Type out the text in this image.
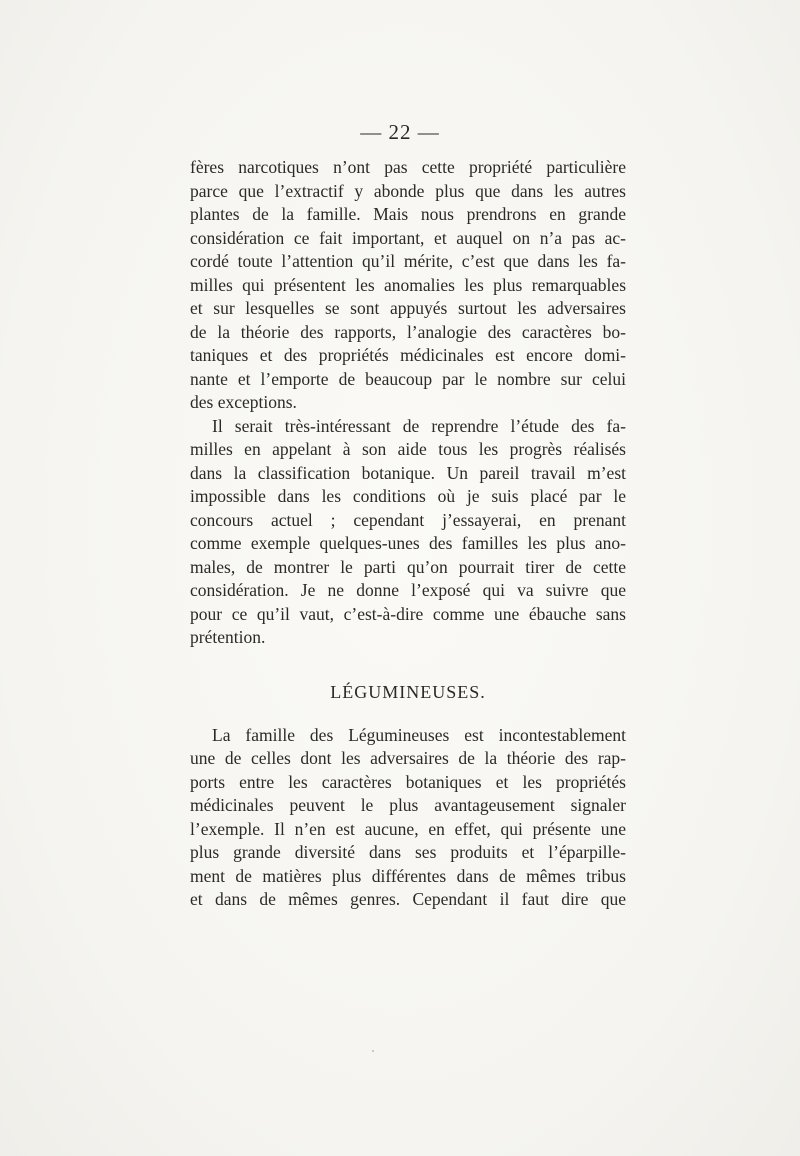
— 22 —
fères narcotiques n’ont pas cette propriété particulière
parce que l’extractif y abonde plus que dans les autres
plantes de la famille. Mais nous prendrons en grande
considération ce fait important, et auquel on n’a pas ac-
cordé toute l’attention qu’il mérite, c’est que dans les fa-
milles qui présentent les anomalies les plus remarquables
et sur lesquelles se sont appuyés surtout les adversaires
de la théorie des rapports, l’analogie des caractères bo-
taniques et des propriétés médicinales est encore domi-
nante et l’emporte de beaucoup par le nombre sur celui
des exceptions.
Il serait très-intéressant de reprendre l’étude des fa-
milles en appelant à son aide tous les progrès réalisés
dans la classification botanique. Un pareil travail m’est
impossible dans les conditions où je suis placé par le
concours actuel ; cependant j’essayerai, en prenant
comme exemple quelques-unes des familles les plus ano-
males, de montrer le parti qu’on pourrait tirer de cette
considération. Je ne donne l’exposé qui va suivre que
pour ce qu’il vaut, c’est-à-dire comme une ébauche sans
prétention.
LÉGUMINEUSES.
La famille des Légumineuses est incontestablement
une de celles dont les adversaires de la théorie des rap-
ports entre les caractères botaniques et les propriétés
médicinales peuvent le plus avantageusement signaler
l’exemple. Il n’en est aucune, en effet, qui présente une
plus grande diversité dans ses produits et l’éparpille-
ment de matières plus différentes dans de mêmes tribus
et dans de mêmes genres. Cependant il faut dire que
